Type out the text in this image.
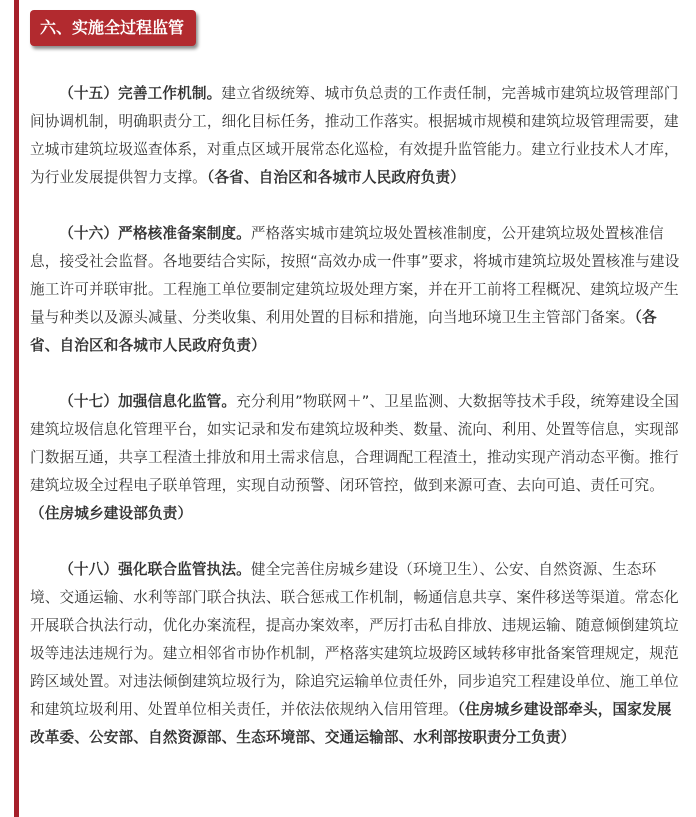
六、实施全过程监管

（十五）完善工作机制。建立省级统筹、城市负总责的工作责任制，完善城市建筑垃圾管理部门间协调机制，明确职责分工，细化目标任务，推动工作落实。根据城市规模和建筑垃圾管理需要，建立城市建筑垃圾巡查体系，对重点区域开展常态化巡检，有效提升监管能力。建立行业技术人才库，为行业发展提供智力支撑。（各省、自治区和各城市人民政府负责）

（十六）严格核准备案制度。严格落实城市建筑垃圾处置核准制度，公开建筑垃圾处置核准信息，接受社会监督。各地要结合实际，按照“高效办成一件事”要求，将城市建筑垃圾处置核准与建设施工许可并联审批。工程施工单位要制定建筑垃圾处理方案，并在开工前将工程概况、建筑垃圾产生量与种类以及源头减量、分类收集、利用处置的目标和措施，向当地环境卫生主管部门备案。（各省、自治区和各城市人民政府负责）

（十七）加强信息化监管。充分利用”物联网＋”、卫星监测、大数据等技术手段，统筹建设全国建筑垃圾信息化管理平台，如实记录和发布建筑垃圾种类、数量、流向、利用、处置等信息，实现部门数据互通，共享工程渣土排放和用土需求信息，合理调配工程渣土，推动实现产消动态平衡。推行建筑垃圾全过程电子联单管理，实现自动预警、闭环管控，做到来源可查、去向可追、责任可究。（住房城乡建设部负责）

（十八）强化联合监管执法。健全完善住房城乡建设（环境卫生）、公安、自然资源、生态环境、交通运输、水利等部门联合执法、联合惩戒工作机制，畅通信息共享、案件移送等渠道。常态化开展联合执法行动，优化办案流程，提高办案效率，严厉打击私自排放、违规运输、随意倾倒建筑垃圾等违法违规行为。建立相邻省市协作机制，严格落实建筑垃圾跨区域转移审批备案管理规定，规范跨区域处置。对违法倾倒建筑垃圾行为，除追究运输单位责任外，同步追究工程建设单位、施工单位和建筑垃圾利用、处置单位相关责任，并依法依规纳入信用管理。（住房城乡建设部牵头，国家发展改革委、公安部、自然资源部、生态环境部、交通运输部、水利部按职责分工负责）
